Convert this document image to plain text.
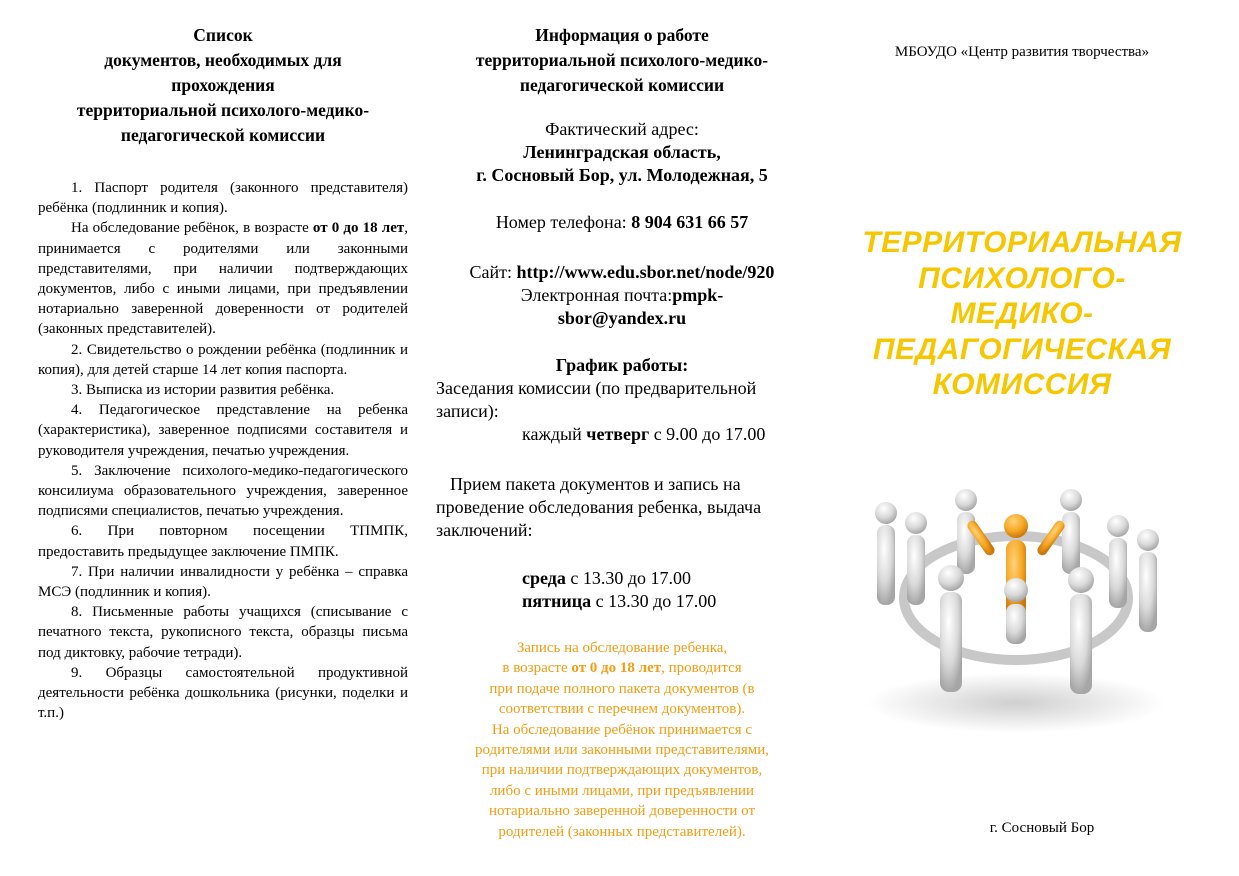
Список
документов, необходимых для
прохождения
территориальной психолого-медико-
педагогической комиссии

1. Паспорт родителя (законного представителя) ребёнка (подлинник и копия).

На обследование ребёнок, в возрасте от 0 до 18 лет, принимается с родителями или законными представителями, при наличии подтверждающих документов, либо с иными лицами, при предъявлении нотариально заверенной доверенности от родителей (законных представителей).

2. Свидетельство о рождении ребёнка (подлинник и копия), для детей старше 14 лет копия паспорта.

3. Выписка из истории развития ребёнка.

4. Педагогическое представление на ребенка (характеристика), заверенное подписями составителя и руководителя учреждения, печатью учреждения.

5. Заключение психолого-медико-педагогического консилиума образовательного учреждения, заверенное подписями специалистов, печатью учреждения.

6. При повторном посещении ТПМПК, предоставить предыдущее заключение ПМПК.

7. При наличии инвалидности у ребёнка – справка МСЭ (подлинник и копия).

8. Письменные работы учащихся (списывание с печатного текста, рукописного текста, образцы письма под диктовку, рабочие тетради).

9. Образцы самостоятельной продуктивной деятельности ребёнка дошкольника (рисунки, поделки и т.п.)

Информация о работе
территориальной психолого-медико-
педагогической комиссии
Фактический адрес:
Ленинградская область,
г. Сосновый Бор, ул. Молодежная, 5
Номер телефона: 8 904 631 66 57
Сайт: http://www.edu.sbor.net/node/920
Электронная почта:pmpk-
sbor@yandex.ru
График работы:
Заседания комиссии (по предварительной записи):
каждый четверг с 9.00 до 17.00
Прием пакета документов и запись на проведение обследования ребенка, выдача заключений:
среда с 13.30 до 17.00
пятница с 13.30 до 17.00
Запись на обследование ребенка,
в возрасте от 0 до 18 лет, проводится
при подаче полного пакета документов (в
соответствии с перечнем документов).
На обследование ребёнок принимается с
родителями или законными представителями,
при наличии подтверждающих документов,
либо с иными лицами, при предъявлении
нотариально заверенной доверенности от
родителей (законных представителей).
МБОУДО «Центр развития творчества»
ТЕРРИТОРИАЛЬНАЯ
ПСИХОЛОГО-
МЕДИКО-
ПЕДАГОГИЧЕСКАЯ
КОМИССИЯ
г. Сосновый Бор
